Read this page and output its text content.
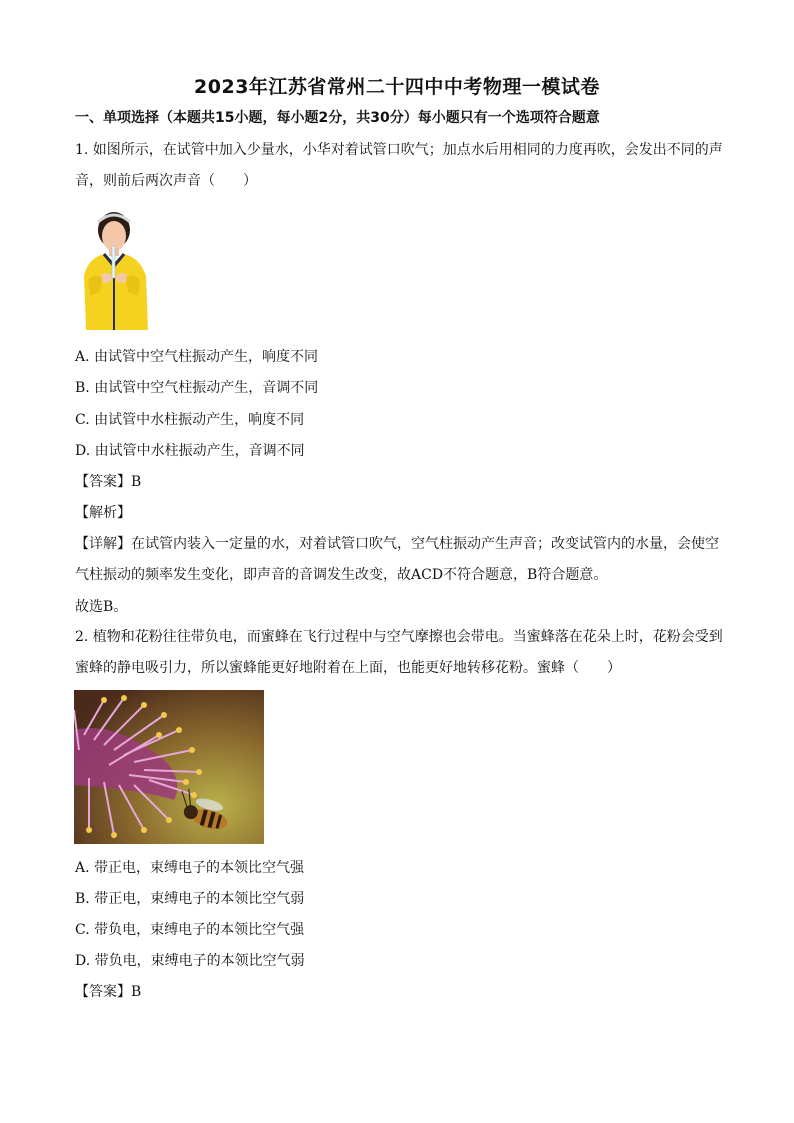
2023年江苏省常州二十四中中考物理一模试卷
一、单项选择（本题共15小题，每小题2分，共30分）每小题只有一个选项符合题意
1. 如图所示，在试管中加入少量水，小华对着试管口吹气；加点水后用相同的力度再吹，会发出不同的声音，则前后两次声音（　　）
A. 由试管中空气柱振动产生，响度不同
B. 由试管中空气柱振动产生，音调不同
C. 由试管中水柱振动产生，响度不同
D. 由试管中水柱振动产生，音调不同
【答案】B
【解析】
【详解】在试管内装入一定量的水，对着试管口吹气，空气柱振动产生声音；改变试管内的水量，会使空气柱振动的频率发生变化，即声音的音调发生改变，故ACD不符合题意，B符合题意。
故选B。
2. 植物和花粉往往带负电，而蜜蜂在飞行过程中与空气摩擦也会带电。当蜜蜂落在花朵上时，花粉会受到蜜蜂的静电吸引力，所以蜜蜂能更好地附着在上面，也能更好地转移花粉。蜜蜂（　　）
A. 带正电，束缚电子的本领比空气强
B. 带正电，束缚电子的本领比空气弱
C. 带负电，束缚电子的本领比空气强
D. 带负电，束缚电子的本领比空气弱
【答案】B
